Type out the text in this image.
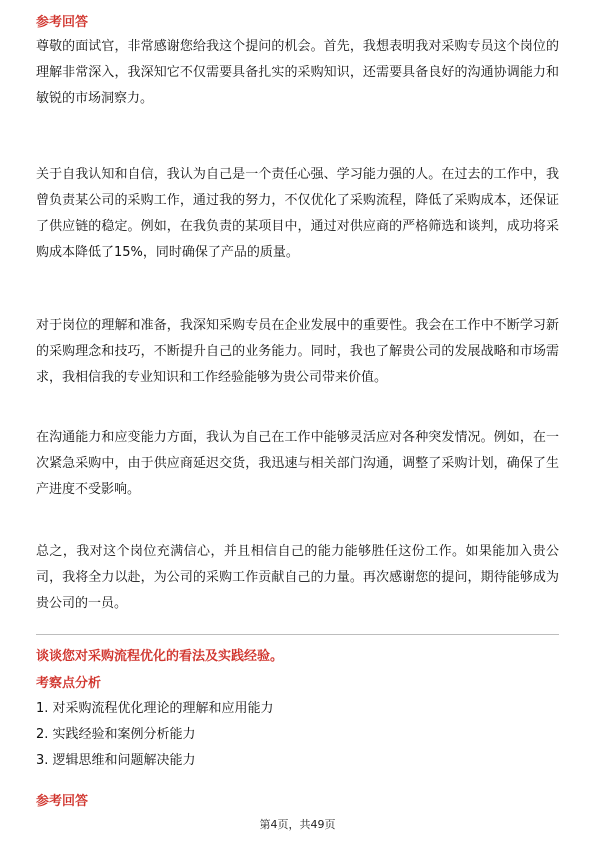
参考回答
尊敬的面试官，非常感谢您给我这个提问的机会。首先，我想表明我对采购专员这个岗位的理解非常深入，我深知它不仅需要具备扎实的采购知识，还需要具备良好的沟通协调能力和敏锐的市场洞察力。
关于自我认知和自信，我认为自己是一个责任心强、学习能力强的人。在过去的工作中，我曾负责某公司的采购工作，通过我的努力，不仅优化了采购流程，降低了采购成本，还保证了供应链的稳定。例如，在我负责的某项目中，通过对供应商的严格筛选和谈判，成功将采购成本降低了15%，同时确保了产品的质量。
对于岗位的理解和准备，我深知采购专员在企业发展中的重要性。我会在工作中不断学习新的采购理念和技巧，不断提升自己的业务能力。同时，我也了解贵公司的发展战略和市场需求，我相信我的专业知识和工作经验能够为贵公司带来价值。
在沟通能力和应变能力方面，我认为自己在工作中能够灵活应对各种突发情况。例如，在一次紧急采购中，由于供应商延迟交货，我迅速与相关部门沟通，调整了采购计划，确保了生产进度不受影响。
总之，我对这个岗位充满信心，并且相信自己的能力能够胜任这份工作。如果能加入贵公司，我将全力以赴，为公司的采购工作贡献自己的力量。再次感谢您的提问，期待能够成为贵公司的一员。
谈谈您对采购流程优化的看法及实践经验。
考察点分析
1. 对采购流程优化理论的理解和应用能力
2. 实践经验和案例分析能力
3. 逻辑思维和问题解决能力
参考回答
第4页，共49页
